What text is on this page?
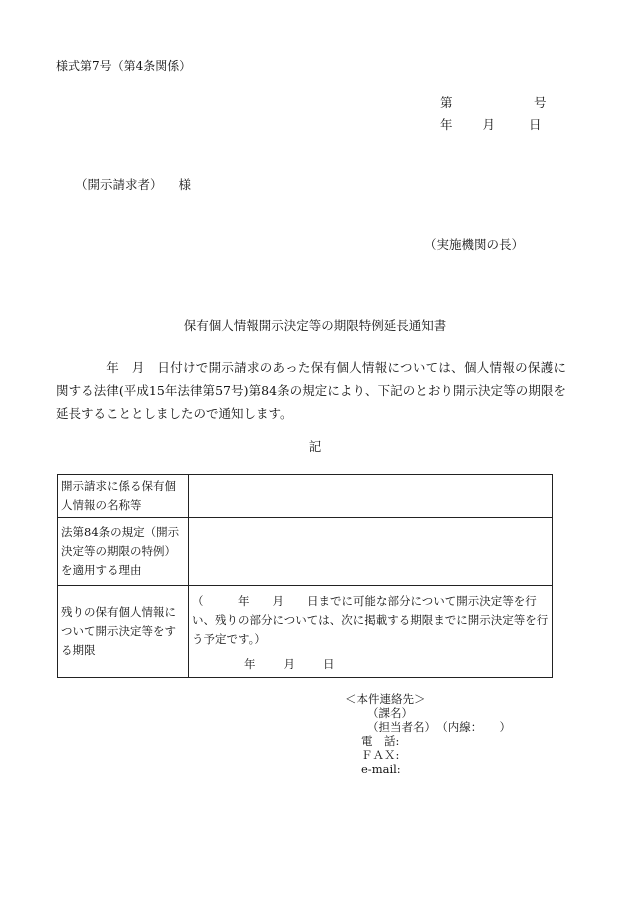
様式第7号（第4条関係）
第	号
年 月	日
（開示請求者） 様
（実施機関の長）
保有個人情報開示決定等の期限特例延長通知書
年　月　日付けで開示請求のあった保有個人情報については、個人情報の保護に関する法律(平成15年法律第57号)第84条の規定により、下記のとおり開示決定等の期限を延長することとしましたので通知します。
記
開示請求に係る保有個人情報の名称等	
法第84条の規定（開示決定等の期限の特例）を適用する理由	
残りの保有個人情報について開示決定等をする期限	（　　　年　　月　　日までに可能な部分について開示決定等を行い、残りの部分については、次に掲載する期限までに開示決定等を行う予定です。）
年 月 日
＜本件連絡先＞
（課名）
（担当者名） （内線：　　）
電　話:
ＦＡＸ:
e-mail:
